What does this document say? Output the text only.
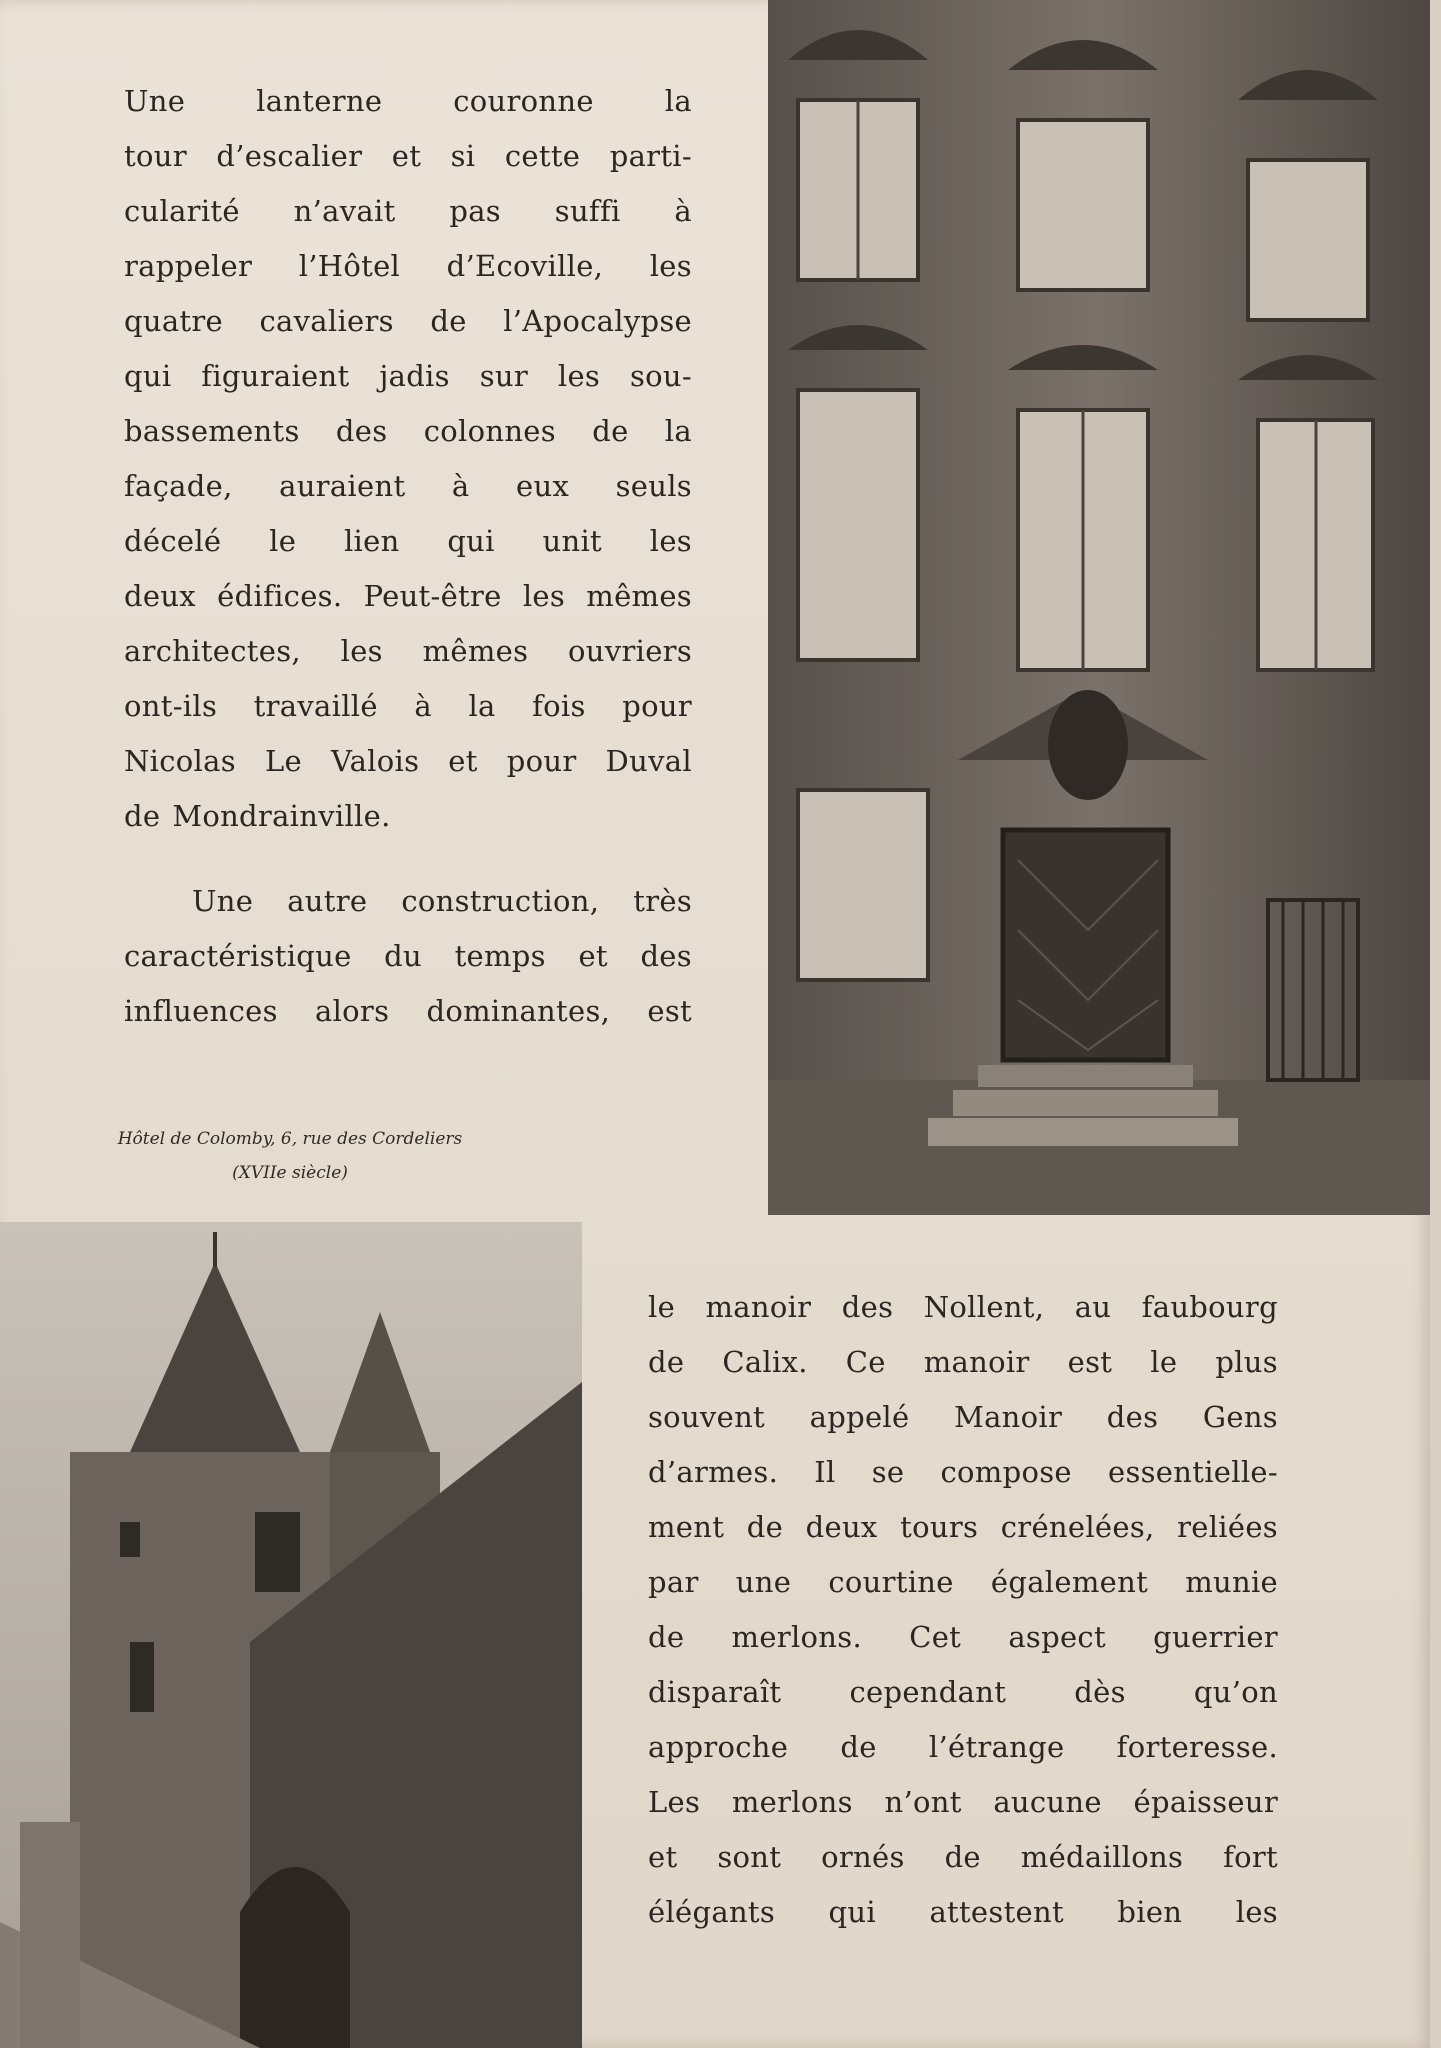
Une lanterne couronne la
tour d’escalier et si cette parti-
cularité n’avait pas suffi à
rappeler l’Hôtel d’Ecoville, les
quatre cavaliers de l’Apocalypse
qui figuraient jadis sur les sou-
bassements des colonnes de la
façade, auraient à eux seuls
décelé le lien qui unit les
deux édifices. Peut-être les mêmes
architectes, les mêmes ouvriers
ont-ils travaillé à la fois pour
Nicolas Le Valois et pour Duval
de Mondrainville.

Une autre construction, très
caractéristique du temps et des
influences alors dominantes, est

Hôtel de Colomby, 6, rue des Cordeliers
(XVIIe siècle)

le manoir des Nollent, au faubourg
de Calix. Ce manoir est le plus
souvent appelé Manoir des Gens
d’armes. Il se compose essentielle-
ment de deux tours crénelées, reliées
par une courtine également munie
de merlons. Cet aspect guerrier
disparaît cependant dès qu’on
approche de l’étrange forteresse.
Les merlons n’ont aucune épaisseur
et sont ornés de médaillons fort
élégants qui attestent bien les
